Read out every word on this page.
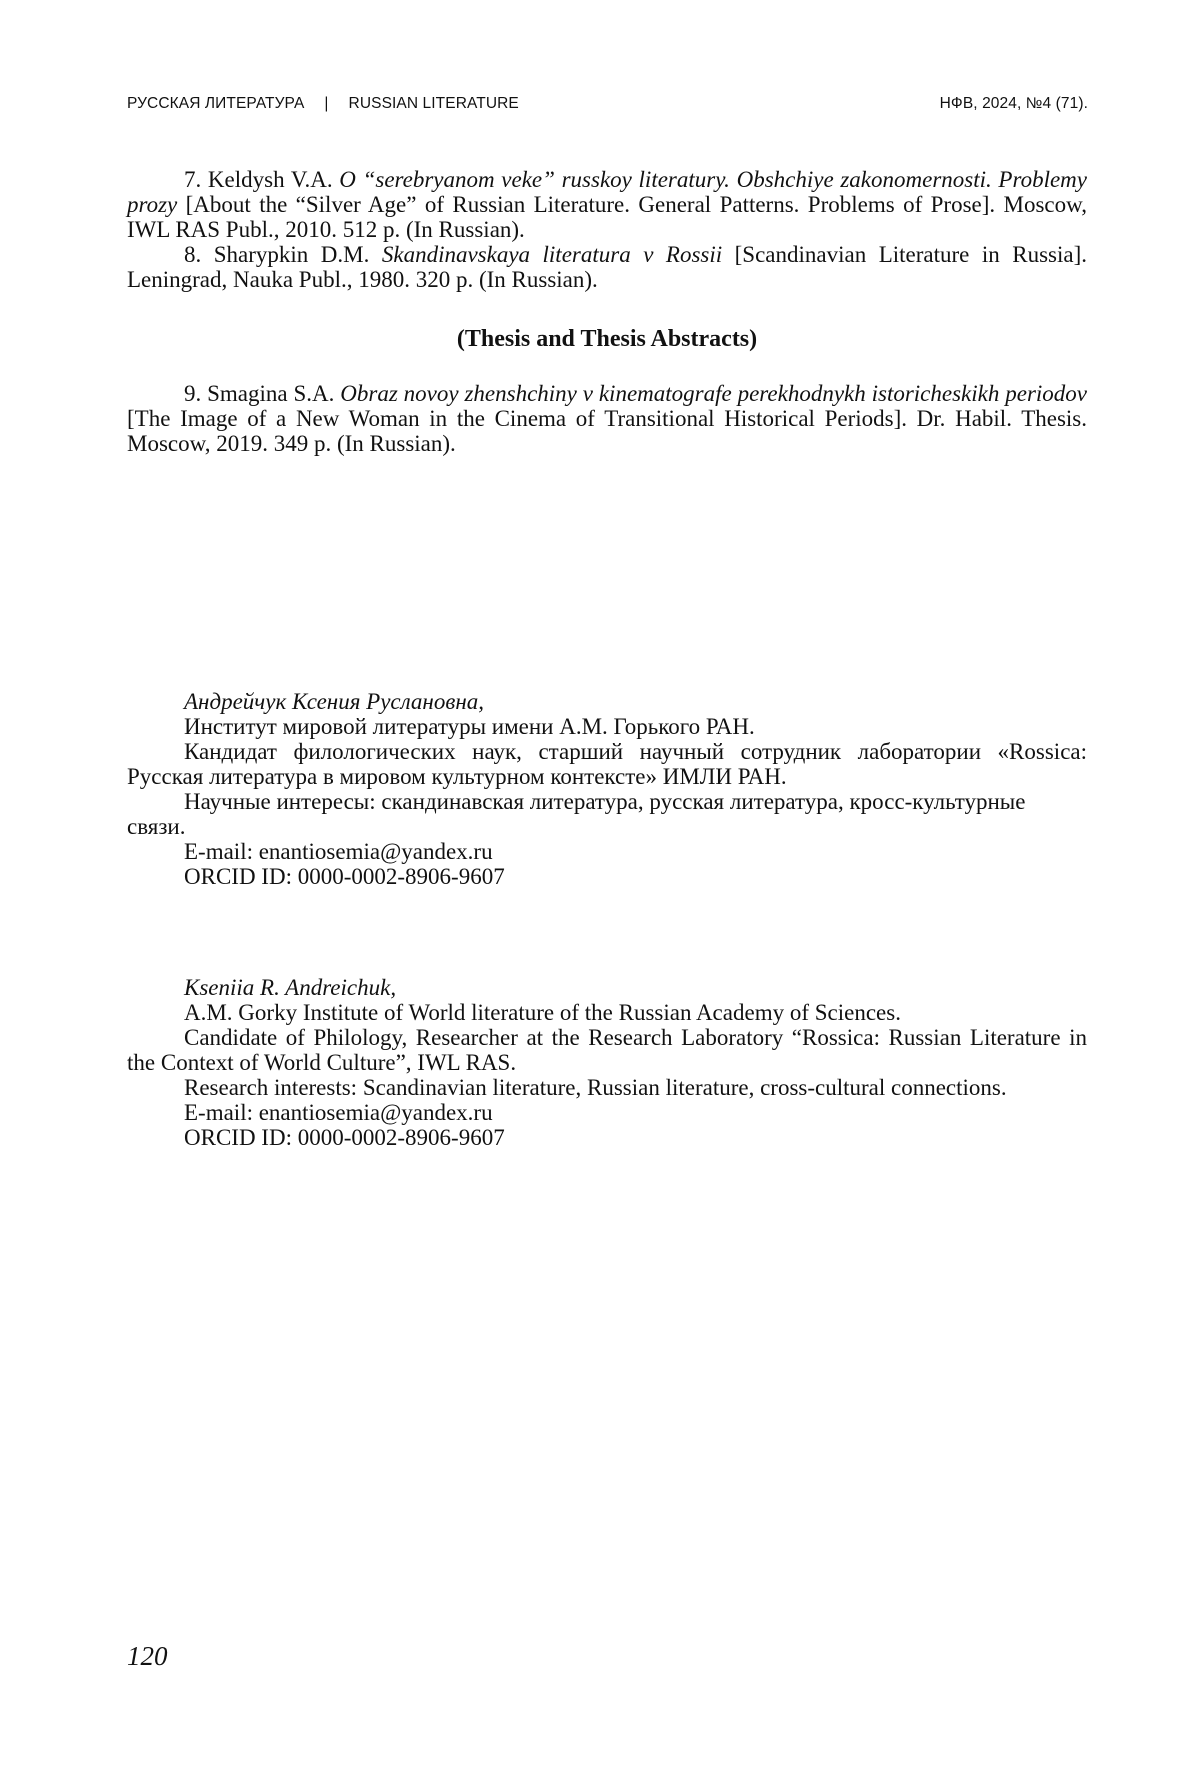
РУССКАЯ ЛИТЕРАТУРА | RUSSIAN LITERATURE	НФВ, 2024, №4 (71).

7. Keldysh V.A. O “serebryanom veke” russkoy literatury. Obshchiye zakonomernosti. Problemy prozy [About the “Silver Age” of Russian Literature. General Patterns. Problems of Prose]. Moscow, IWL RAS Publ., 2010. 512 p. (In Russian).

8. Sharypkin D.M. Skandinavskaya literatura v Rossii [Scandinavian Literature in Russia]. Leningrad, Nauka Publ., 1980. 320 p. (In Russian).

(Thesis and Thesis Abstracts)

9. Smagina S.A. Obraz novoy zhenshchiny v kinematografe perekhodnykh istoricheskikh periodov [The Image of a New Woman in the Cinema of Transitional Historical Periods]. Dr. Habil. Thesis. Moscow, 2019. 349 p. (In Russian).

Андрейчук Ксения Руслановна,

Институт мировой литературы имени А.М. Горького РАН.

Кандидат филологических наук, старший научный сотрудник лаборатории «Rossica: Русская литература в мировом культурном контексте» ИМЛИ РАН.

Научные интересы: скандинавская литература, русская литература, кросс-культурные связи.

E-mail: enantiosemia@yandex.ru

ORCID ID: 0000-0002-8906-9607

Kseniia R. Andreichuk,

A.M. Gorky Institute of World literature of the Russian Academy of Sciences.

Candidate of Philology, Researcher at the Research Laboratory “Rossica: Russian Literature in the Context of World Culture”, IWL RAS.

Research interests: Scandinavian literature, Russian literature, cross-cultural connections.

E-mail: enantiosemia@yandex.ru

ORCID ID: 0000-0002-8906-9607

120
